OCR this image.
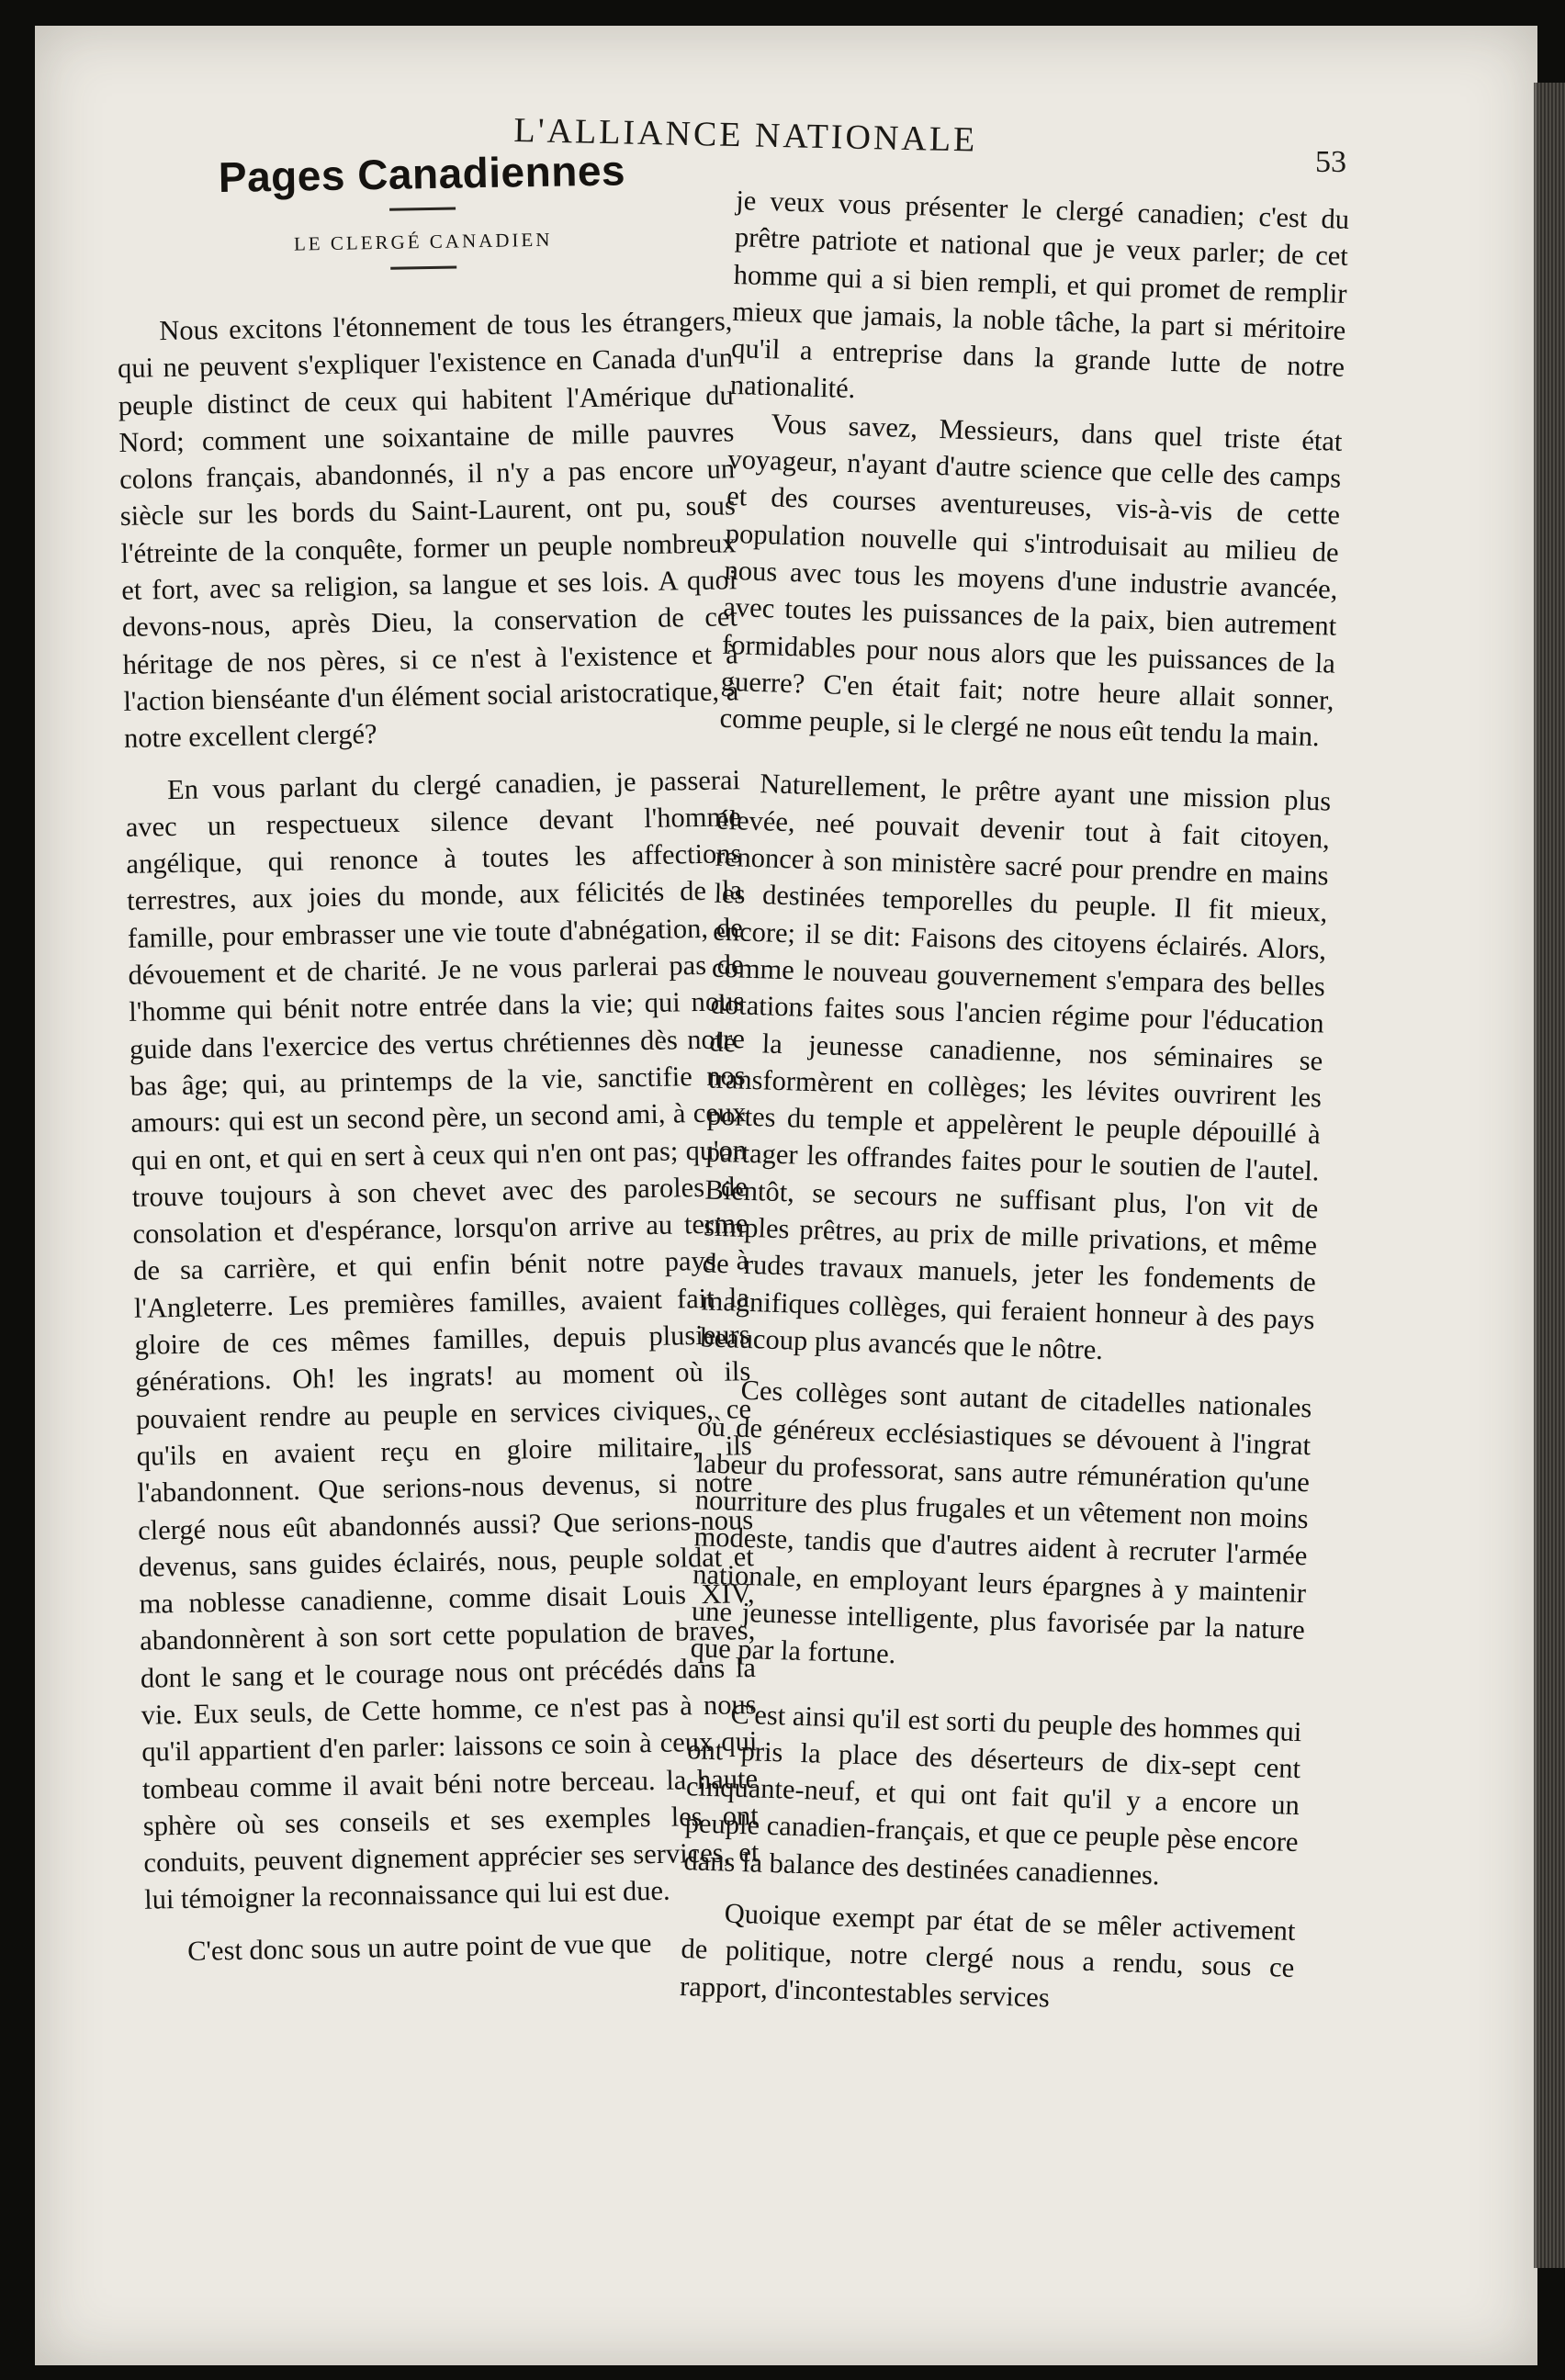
L'ALLIANCE NATIONALE
53
Pages Canadiennes
LE CLERGÉ CANADIEN

Nous excitons l'étonnement de tous les étrangers, qui ne peuvent s'expliquer l'existence en Canada d'un peuple distinct de ceux qui habitent l'Amérique du Nord; comment une soixantaine de mille pauvres colons français, abandonnés, il n'y a pas encore un siècle sur les bords du Saint-Laurent, ont pu, sous l'étreinte de la conquête, former un peuple nombreux et fort, avec sa religion, sa langue et ses lois. A quoi devons-nous, après Dieu, la conservation de cet héritage de nos pères, si ce n'est à l'existence et à l'action bienséante d'un élément social aristocratique, à notre excellent clergé?

En vous parlant du clergé canadien, je passerai avec un respectueux silence devant l'homme angélique, qui renonce à toutes les affections terrestres, aux joies du monde, aux félicités de la famille, pour embrasser une vie toute d'abnégation, de dévouement et de charité. Je ne vous parlerai pas de l'homme qui bénit notre entrée dans la vie; qui nous guide dans l'exercice des vertus chrétiennes dès notre bas âge; qui, au printemps de la vie, sanctifie nos amours: qui est un second père, un second ami, à ceux qui en ont, et qui en sert à ceux qui n'en ont pas; qu'on trouve toujours à son chevet avec des paroles de consolation et d'espérance, lorsqu'on arrive au terme de sa carrière, et qui enfin bénit notre pays à l'Angleterre. Les premières familles, avaient fait la gloire de ces mêmes familles, depuis plusieurs générations. Oh! les ingrats! au moment où ils pouvaient rendre au peuple en services civiques, ce qu'ils en avaient reçu en gloire militaire, ils l'abandonnent. Que serions-nous devenus, si notre clergé nous eût abandonnés aussi? Que serions-nous devenus, sans guides éclairés, nous, peuple soldat et ma noblesse canadienne, comme disait Louis XIV, abandonnèrent à son sort cette population de braves, dont le sang et le courage nous ont précédés dans la vie. Eux seuls, de Cette homme, ce n'est pas à nous qu'il appartient d'en parler: laissons ce soin à ceux qui tombeau comme il avait béni notre berceau. la haute sphère où ses conseils et ses exemples les ont conduits, peuvent dignement apprécier ses services, et lui témoigner la reconnaissance qui lui est due.

C'est donc sous un autre point de vue que

je veux vous présenter le clergé canadien; c'est du prêtre patriote et national que je veux parler; de cet homme qui a si bien rempli, et qui promet de remplir mieux que jamais, la noble tâche, la part si méritoire qu'il a entreprise dans la grande lutte de notre nationalité.

Vous savez, Messieurs, dans quel triste état voyageur, n'ayant d'autre science que celle des camps et des courses aventureuses, vis-à-vis de cette population nouvelle qui s'introduisait au milieu de nous avec tous les moyens d'une industrie avancée, avec toutes les puissances de la paix, bien autrement formidables pour nous alors que les puissances de la guerre? C'en était fait; notre heure allait sonner, comme peuple, si le clergé ne nous eût tendu la main.

Naturellement, le prêtre ayant une mission plus élevée, neé pouvait devenir tout à fait citoyen, renoncer à son ministère sacré pour prendre en mains les destinées temporelles du peuple. Il fit mieux, encore; il se dit: Faisons des citoyens éclairés. Alors, comme le nouveau gouvernement s'empara des belles dotations faites sous l'ancien régime pour l'éducation de la jeunesse canadienne, nos séminaires se transformèrent en collèges; les lévites ouvrirent les portes du temple et appelèrent le peuple dépouillé à partager les offrandes faites pour le soutien de l'autel. Bientôt, se secours ne suffisant plus, l'on vit de simples prêtres, au prix de mille privations, et même de rudes travaux manuels, jeter les fondements de magnifiques collèges, qui feraient honneur à des pays beaucoup plus avancés que le nôtre.

Ces collèges sont autant de citadelles nationales où de généreux ecclésiastiques se dévouent à l'ingrat labeur du professorat, sans autre rémunération qu'une nourriture des plus frugales et un vêtement non moins modeste, tandis que d'autres aident à recruter l'armée nationale, en employant leurs épargnes à y maintenir une jeunesse intelligente, plus favorisée par la nature que par la fortune.

C'est ainsi qu'il est sorti du peuple des hommes qui ont pris la place des déserteurs de dix-sept cent cinquante-neuf, et qui ont fait qu'il y a encore un peuple canadien-français, et que ce peuple pèse encore dans la balance des destinées canadiennes.

Quoique exempt par état de se mêler activement de politique, notre clergé nous a rendu, sous ce rapport, d'incontestables services
